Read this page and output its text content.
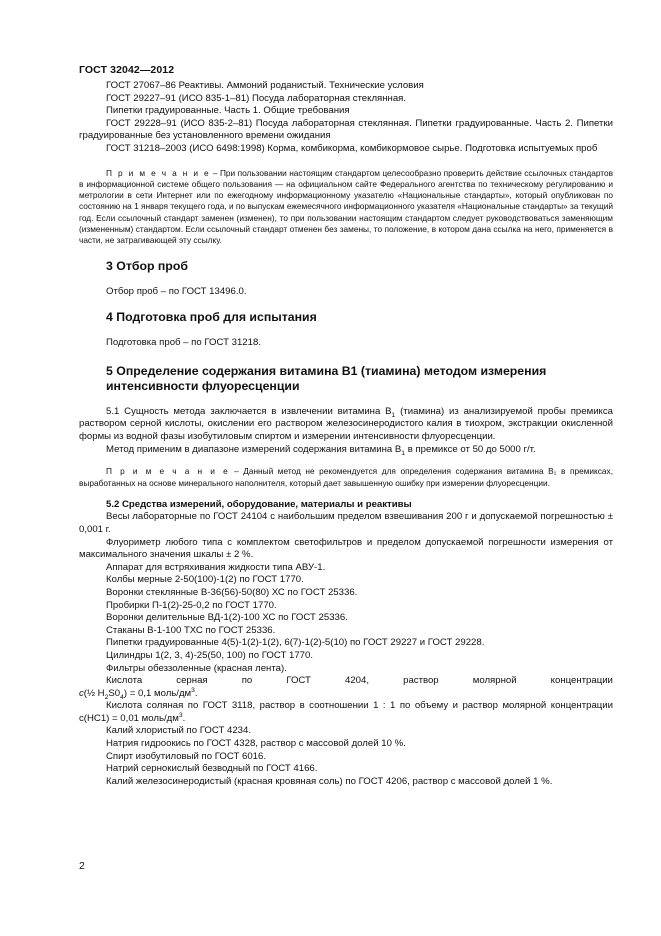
ГОСТ 32042—2012

ГОСТ 27067–86 Реактивы. Аммоний роданистый. Технические условия

ГОСТ 29227–91 (ИСО 835-1–81) Посуда лабораторная стеклянная.

Пипетки градуированные. Часть 1. Общие требования

ГОСТ 29228–91 (ИСО 835-2–81) Посуда лабораторная стеклянная. Пипетки градуированные. Часть 2. Пипетки градуированные без установленного времени ожидания

ГОСТ 31218–2003 (ИСО 6498:1998) Корма, комбикорма, комбикормовое сырье. Подготовка испытуемых проб

П р и м е ч а н и е – При пользовании настоящим стандартом целесообразно проверить действие ссылочных стандартов в информационной системе общего пользования — на официальном сайте Федерального агентства по техническому регулированию и метрологии в сети Интернет или по ежегодному информационному указателю «Национальные стандарты», который опубликован по состоянию на 1 января текущего года, и по выпускам ежемесячного информационного указателя «Национальные стандарты» за текущий год. Если ссылочный стандарт заменен (изменен), то при пользовании настоящим стандартом следует руководствоваться заменяющим (измененным) стандартом. Если ссылочный стандарт отменен без замены, то положение, в котором дана ссылка на него, применяется в части, не затрагивающей эту ссылку.

3 Отбор проб

Отбор проб – по ГОСТ 13496.0.

4 Подготовка проб для испытания

Подготовка проб – по ГОСТ 31218.

5 Определение содержания витамина В1 (тиамина) методом измерения
интенсивности флуоресценции

5.1 Сущность метода заключается в извлечении витамина $В_1$ (тиамина) из анализируемой пробы премикса раствором серной кислоты, окислении его раствором железосинеродистого калия в тиохром, экстракции окисленной формы из водной фазы изобутиловым спиртом и измерении интенсивности флуоресценции.

Метод применим в диапазоне измерений содержания витамина $В_1$ в премиксе от 50 до 5000 г/т.

П р и м е ч а н и е – Данный метод не рекомендуется для определения содержания витамина В₁ в премиксах, выработанных на основе минерального наполнителя, который дает завышенную ошибку при измерении флуоресценции.

5.2 Средства измерений, оборудование, материалы и реактивы

Весы лабораторные по ГОСТ 24104 с наибольшим пределом взвешивания 200 г и допускаемой погрешностью ± 0,001 г.

Флуориметр любого типа с комплектом светофильтров и пределом допускаемой погрешности измерения от максимального значения шкалы ± 2 %.

Аппарат для встряхивания жидкости типа АВУ-1.

Колбы мерные 2-50(100)-1(2) по ГОСТ 1770.

Воронки стеклянные В-36(56)-50(80) ХС по ГОСТ 25336.

Пробирки П-1(2)-25-0,2 по ГОСТ 1770.

Воронки делительные ВД-1(2)-100 ХС по ГОСТ 25336.

Стаканы В-1-100 ТХС по ГОСТ 25336.

Пипетки градуированные 4(5)-1(2)-1(2), 6(7)-1(2)-5(10) по ГОСТ 29227 и ГОСТ 29228.

Цилиндры 1(2, 3, 4)-25(50, 100) по ГОСТ 1770.

Фильтры обеззоленные (красная лента).

Кислота	серная	по	ГОСТ	4204,	раствор	молярной	концентрации

c(½ $H_2S0_4) = 0,1$ моль/$дм^3$.

Кислота соляная по ГОСТ 3118, раствор в соотношении 1 : 1 по объему и раствор молярной концентрации c(НС1) = 0,01 моль/$дм^3$.

Калий хлористый по ГОСТ 4234.

Натрия гидроокись по ГОСТ 4328, раствор с массовой долей 10 %.

Спирт изобутиловый по ГОСТ 6016.

Натрий сернокислый безводный по ГОСТ 4166.

Калий железосинеродистый (красная кровяная соль) по ГОСТ 4206, раствор с массовой долей 1 %.

2
